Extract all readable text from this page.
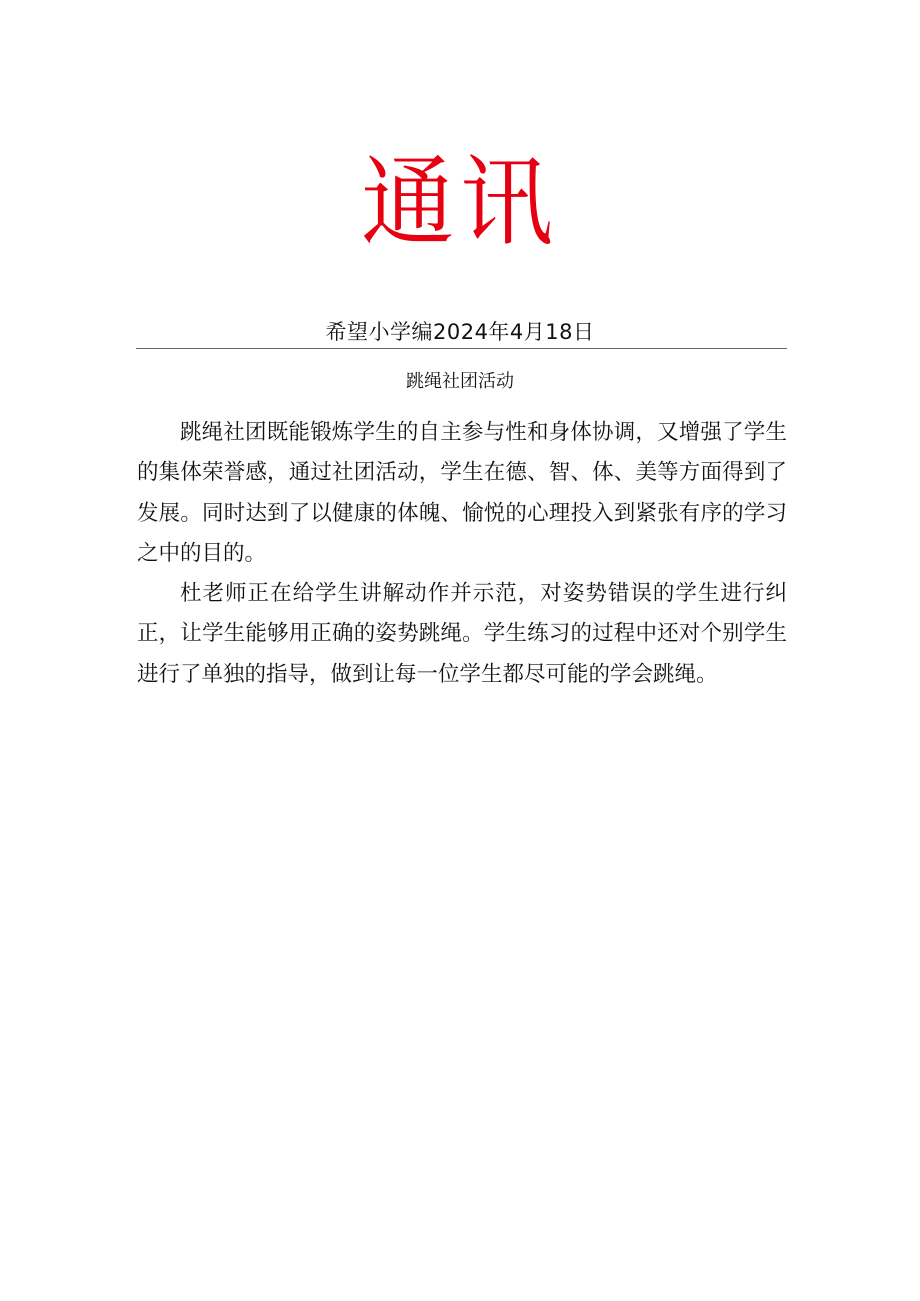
通讯
希望小学编2024年4月18日
跳绳社团活动

跳绳社团既能锻炼学生的自主参与性和身体协调，又增强了学生的集体荣誉感，通过社团活动，学生在德、智、体、美等方面得到了发展。同时达到了以健康的体魄、愉悦的心理投入到紧张有序的学习之中的目的。

杜老师正在给学生讲解动作并示范，对姿势错误的学生进行纠正，让学生能够用正确的姿势跳绳。学生练习的过程中还对个别学生进行了单独的指导，做到让每一位学生都尽可能的学会跳绳。
